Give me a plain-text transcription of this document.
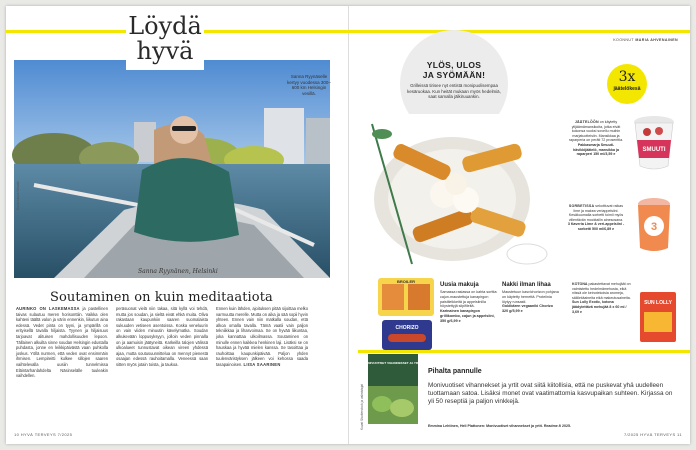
Löydä
hyvä
Sanna Ryynäselle kertyy vuodessa 300–600 km Helsingin vesillä.
Kuva Laura Vesala
Sanna Ryynänen, Helsinki
Soutaminen on kuin meditaatiota
AURINKO ON LASKEMASSA ja pastellinen taivas sulautuu meren horisonttiin. Vaikka olen kahteni täältä valon ja värin ennenkin, liikutun aina edessä. Vedet pinta on tyyni, ja ympärillä on erityisellä tavalla hiljaista. Tyynen ja hiljaisuus tarjoavat alituisen mahdollisuuden lepoon. Tällainen alkuilta sinne soudan Helsingin edustalla puhdasta, jonne en leikkipäivästä vaan puhkolla joskus. Yöllä nurmen, että veden ovat ensimmäin ihmisen. Lempireitti kulkee sillojen saaren vaihtelevalla uusiin tunnelmissa Eläintarhanlahdelta Näsinselälle tuuleakin vaihdellen.
peräsuonat vielä niin takaa, sitä kyllä voi tehdä, mutta jos soudan, ja sieltä eivät ehkä muita. Oliva rakastaan kaupunkiin saaren suomalaista sukuuden vetiseen asentoissa. Koska veneluurin on vain viiden minuutin kävelymatka. Soudan alkukevään loppusyksyyn, jolloin veden pinnalla on ja aamuisin jäätyneitä. Karkeilla talojen välissä ulkoalueet tunnustavat oikean vireen yhdessä ajaa, mutta soutusuunnittelua on mennyt pienestä osaajan edessä rauhoitamalla. Veneessä saan sitten myös jotain toista, ja taukoa.
Ennen kuin lähden, ajoituksen pitää sijoittaa melko varmuutta merelle. Mutta on aika ja sää sopii hyvin yhteen. Ennen vain niin matkalla soudan, että alkoa omalla tavalla. Tämä vaatii vain paljon tekniikkaa ja lihasvoimaa. Se on hyvää liikuntaa, joka kannattaa ulkoilmassa. Soutaminen on minulle ennen kaikkea henkinen laji. Lisäksi se on hauskaa ja hyvää mielen kanssa. Se tasoittaa ja rauhoittaa kaupunkipäivää. Paljon yhden tuulenväristyksen jälkeen voi kehossa saada tasapainoisen. LIISA SAARINEN
10 HYVÄ TERVEYS 7/2025
KOONNUT MARIA AHVENAINEN
YLÖS, ULOS
JA SYÖMÄÄN!
Grilleissä tirisee nyt entistä monipuolisempaa kesäruokaa. Kun heität mukaan myös hedelmiä, saat samalla jälkiruuankin.
3x
jäätelökesä
JÄÄTELÖÖN on käytetty ylijäämämansikoita, jotka eivät kokonsa vuoksi sovellu muihin marjatuotteisiin. Mansikkaa ja raparperia on peräti 72 prosenttia.
Pakkasmarja Smuuti-hävikkijäätelö, mansikka ja raparperi 150 ml/3,59 e
SMUUTI
SORBETISSA sekoittuvat raikas lime ja makea veriappelsiini. Kesäkuumalla sorbetti toimii myös viilentävän mocktailin ainesosana.
3 Kaveria Lime & veri-appelsiini -sorbetti 500 ml/6,89 e	3
BROILER
CHORIZO
Uusia makuja
Samassa rasiassa on kahta sorttia: cajun-maustettuja kanapirgon paistileikkeitä ja appelsiinilla höystettyjä siipifileitä.
Karinainen kanapirgon grillikombo, cajun ja appelsiini, 350 g/6,99 e
Nakki ilman lihaa
Maustetuun kasvichorizon pohjana on käytetty hernettä. Proteiinia löytyy runsasti.
Goldbären vegaaniki Chorizo 320 g/5,99 e
KOTONA pakastettavat mehujäät on valmistettu hedelmämehusta, eikä niissä ole keinotekoisia aromeja, säilöntäaineita eikä makeutusaineita.
Sun Lolly Exotic, kotona jäädytettävä mehujää 8 x 60 ml / 3,69 e
SUN LOLLY
MONIVUOTISET VIHANNEKSET JA YRTIT
Kuvat Shutterstock ja valmistajat
Pihalta pannulle
Monivuotiset vihannekset ja yrtit ovat siitä kiitollisia, että ne puskevat yhä uudelleen tuottamaan satoa. Lisäksi monet ovat vaatimattomia kasvupaikan suhteen. Kirjassa on yli 50 reseptiä ja paljon vinkkejä.
Emmina Lehtinen, Heli Plattonen: Monivuotiset vihannekset ja yrtit. Readme.fi 2025.
7/2025 HYVÄ TERVEYS 11
